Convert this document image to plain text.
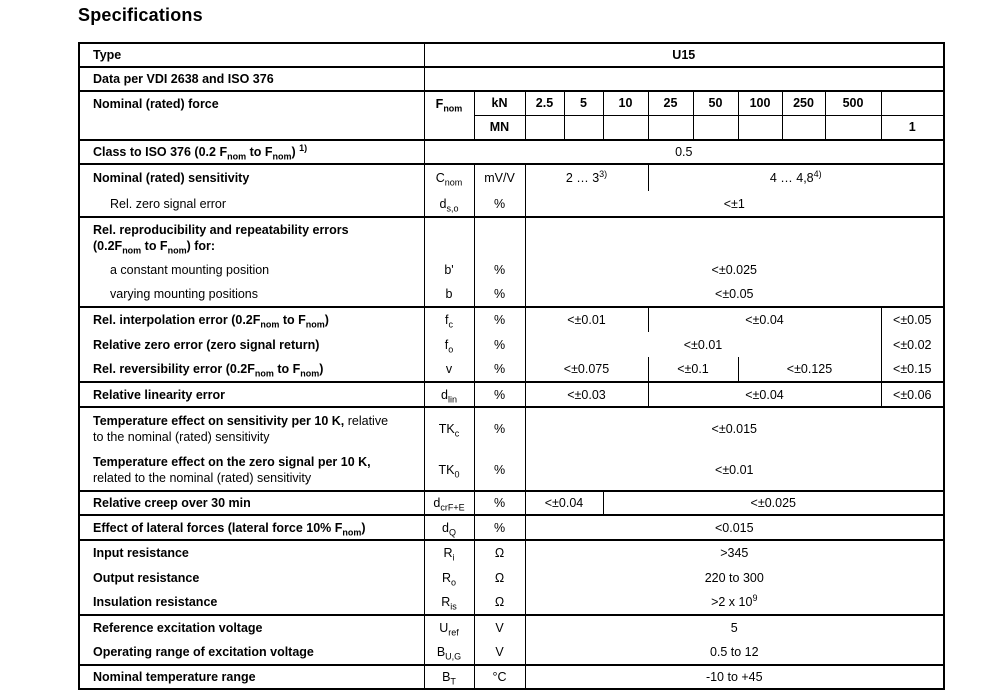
Specifications
Type	U15										
Data per VDI 2638 and ISO 376											
Nominal (rated) force	$F_{nom}$	kN	2.5	5	10	25	50	100	250	500	
		MN									1
Class to ISO 376 (0.2 $F_{nom}$ to $F_{nom}$) $^{1)}$	0.5										
Nominal (rated) sensitivity	$C_{nom}$	mV/V	2 … 3$^{3)}$			4 … 4,8$^{4)}$
Rel. zero signal error	$d_{s,o}$	%	<±1								
Rel. reproducibility and repeatability errors
($0.2F_{nom}$ to $F_{nom}$) for:											
a constant mounting position	b'	%	<±0.025								
varying mounting positions	b	%	<±0.05								
Rel. interpolation error ($0.2F_{nom}$ to $F_{nom}$)	$f_c$	%	<±0.01			<±0.04					<±0.05
Relative zero error (zero signal return)	$f_o$	%	<±0.01								<±0.02
Rel. reversibility error ($0.2F_{nom}$ to $F_{nom}$)	v	%	<±0.075			<±0.1		<±0.125			<±0.15
Relative linearity error	$d_{lin}$	%	<±0.03			<±0.04					<±0.06
Temperature effect on sensitivity per 10 K, relative
to the nominal (rated) sensitivity	$TK_c$	%	<±0.015								
Temperature effect on the zero signal per 10 K,
related to the nominal (rated) sensitivity	$TK_0$	%	<±0.01								
Relative creep over 30 min	$d_{crF+E}$	%	<±0.04		<±0.025						
Effect of lateral forces (lateral force 10% $F_{nom}$)	$d_Q$	%	<0.015								
Input resistance	$R_i$	Ω	>345								
Output resistance	$R_o$	Ω	220 to 300								
Insulation resistance	$R_{is}$	Ω	>2 x $10^9$
Reference excitation voltage	$U_{ref}$	V	5								
Operating range of excitation voltage	$B_{U,G}$	V	0.5 to 12								
Nominal temperature range	$B_T$	°C	-10 to +45								
